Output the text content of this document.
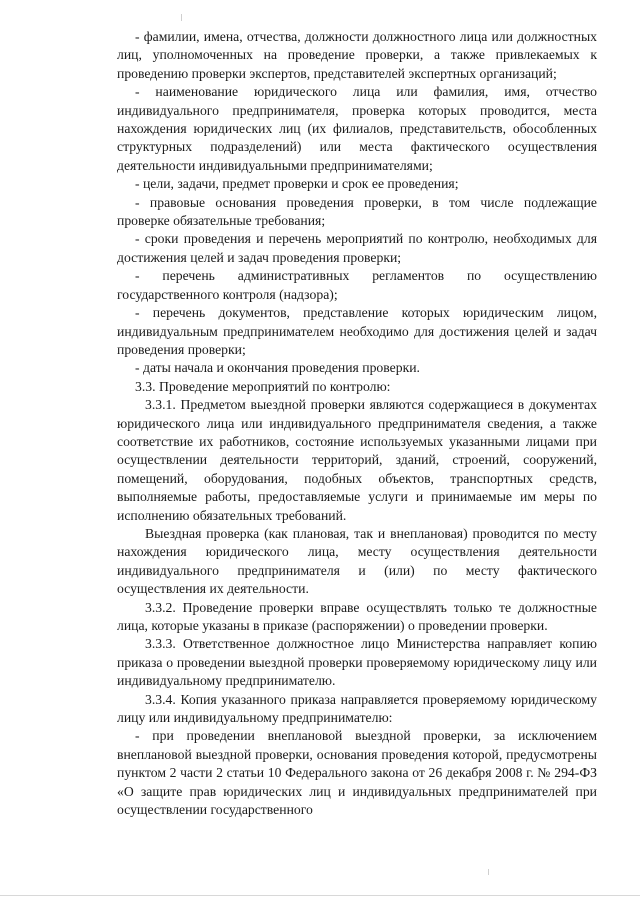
- фамилии, имена, отчества, должности должностного лица или должностных лиц, уполномоченных на проведение проверки, а также привлекаемых к проведению проверки экспертов, представителей экспертных организаций;

- наименование юридического лица или фамилия, имя, отчество индивидуального предпринимателя, проверка которых проводится, места нахождения юридических лиц (их филиалов, представительств, обособленных структурных подразделений) или места фактического осуществления деятельности индивидуальными предпринимателями;

- цели, задачи, предмет проверки и срок ее проведения;

- правовые основания проведения проверки, в том числе подлежащие проверке обязательные требования;

- сроки проведения и перечень мероприятий по контролю, необходимых для достижения целей и задач проведения проверки;

- перечень административных регламентов по осуществлению государственного контроля (надзора);

- перечень документов, представление которых юридическим лицом, индивидуальным предпринимателем необходимо для достижения целей и задач проведения проверки;

- даты начала и окончания проведения проверки.

3.3. Проведение мероприятий по контролю:

3.3.1. Предметом выездной проверки являются содержащиеся в документах юридического лица или индивидуального предпринимателя сведения, а также соответствие их работников, состояние используемых указанными лицами при осуществлении деятельности территорий, зданий, строений, сооружений, помещений, оборудования, подобных объектов, транспортных средств, выполняемые работы, предоставляемые услуги и принимаемые им меры по исполнению обязательных требований.

Выездная проверка (как плановая, так и внеплановая) проводится по месту нахождения юридического лица, месту осуществления деятельности индивидуального предпринимателя и (или) по месту фактического осуществления их деятельности.

3.3.2. Проведение проверки вправе осуществлять только те должностные лица, которые указаны в приказе (распоряжении) о проведении проверки.

3.3.3. Ответственное должностное лицо Министерства направляет копию приказа о проведении выездной проверки проверяемому юридическому лицу или индивидуальному предпринимателю.

3.3.4. Копия указанного приказа направляется проверяемому юридическому лицу или индивидуальному предпринимателю:

- при проведении внеплановой выездной проверки, за исключением внеплановой выездной проверки, основания проведения которой, предусмотрены пунктом 2 части 2 статьи 10 Федерального закона от 26 декабря 2008 г. № 294-ФЗ «О защите прав юридических лиц и индивидуальных предпринимателей при осуществлении государственного
